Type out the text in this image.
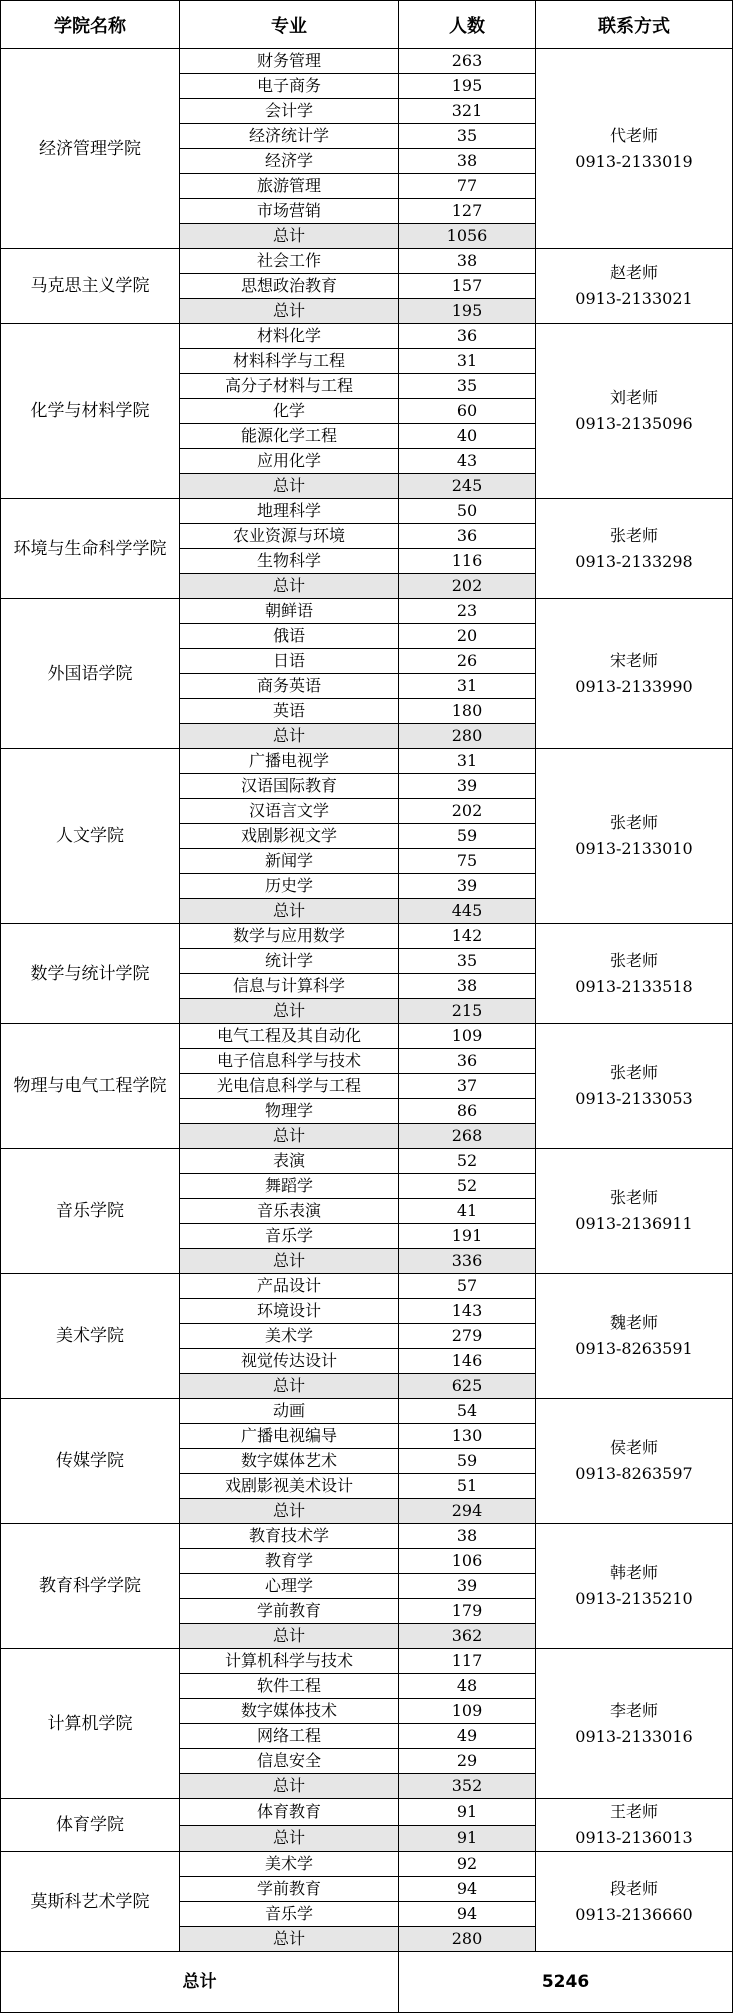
学院名称	专业	人数	联系方式
经济管理学院	财务管理	263	代老师
0913-2133019

	电子商务	195	
	会计学	321	
	经济统计学	35	
	经济学	38	
	旅游管理	77	
	市场营销	127	
	总计	1056	
马克思主义学院	社会工作	38	赵老师
0913-2133021

	思想政治教育	157	
	总计	195	
化学与材料学院	材料化学	36	刘老师
0913-2135096

	材料科学与工程	31	
	高分子材料与工程	35	
	化学	60	
	能源化学工程	40	
	应用化学	43	
	总计	245	
环境与生命科学学院	地理科学	50	张老师
0913-2133298

	农业资源与环境	36	
	生物科学	116	
	总计	202	
外国语学院	朝鲜语	23	宋老师
0913-2133990

	俄语	20	
	日语	26	
	商务英语	31	
	英语	180	
	总计	280	
人文学院	广播电视学	31	张老师
0913-2133010

	汉语国际教育	39	
	汉语言文学	202	
	戏剧影视文学	59	
	新闻学	75	
	历史学	39	
	总计	445	
数学与统计学院	数学与应用数学	142	张老师
0913-2133518

	统计学	35	
	信息与计算科学	38	
	总计	215	
物理与电气工程学院	电气工程及其自动化	109	张老师
0913-2133053

	电子信息科学与技术	36	
	光电信息科学与工程	37	
	物理学	86	
	总计	268	
音乐学院	表演	52	张老师
0913-2136911

	舞蹈学	52	
	音乐表演	41	
	音乐学	191	
	总计	336	
美术学院	产品设计	57	魏老师
0913-8263591

	环境设计	143	
	美术学	279	
	视觉传达设计	146	
	总计	625	
传媒学院	动画	54	侯老师
0913-8263597

	广播电视编导	130	
	数字媒体艺术	59	
	戏剧影视美术设计	51	
	总计	294	
教育科学学院	教育技术学	38	韩老师
0913-2135210

	教育学	106	
	心理学	39	
	学前教育	179	
	总计	362	
计算机学院	计算机科学与技术	117	李老师
0913-2133016

	软件工程	48	
	数字媒体技术	109	
	网络工程	49	
	信息安全	29	
	总计	352	
体育学院	体育教育	91	王老师
0913-2136013

	总计	91	
莫斯科艺术学院	美术学	92	段老师
0913-2136660

	学前教育	94	
	音乐学	94	
	总计	280	
总计		5246	
